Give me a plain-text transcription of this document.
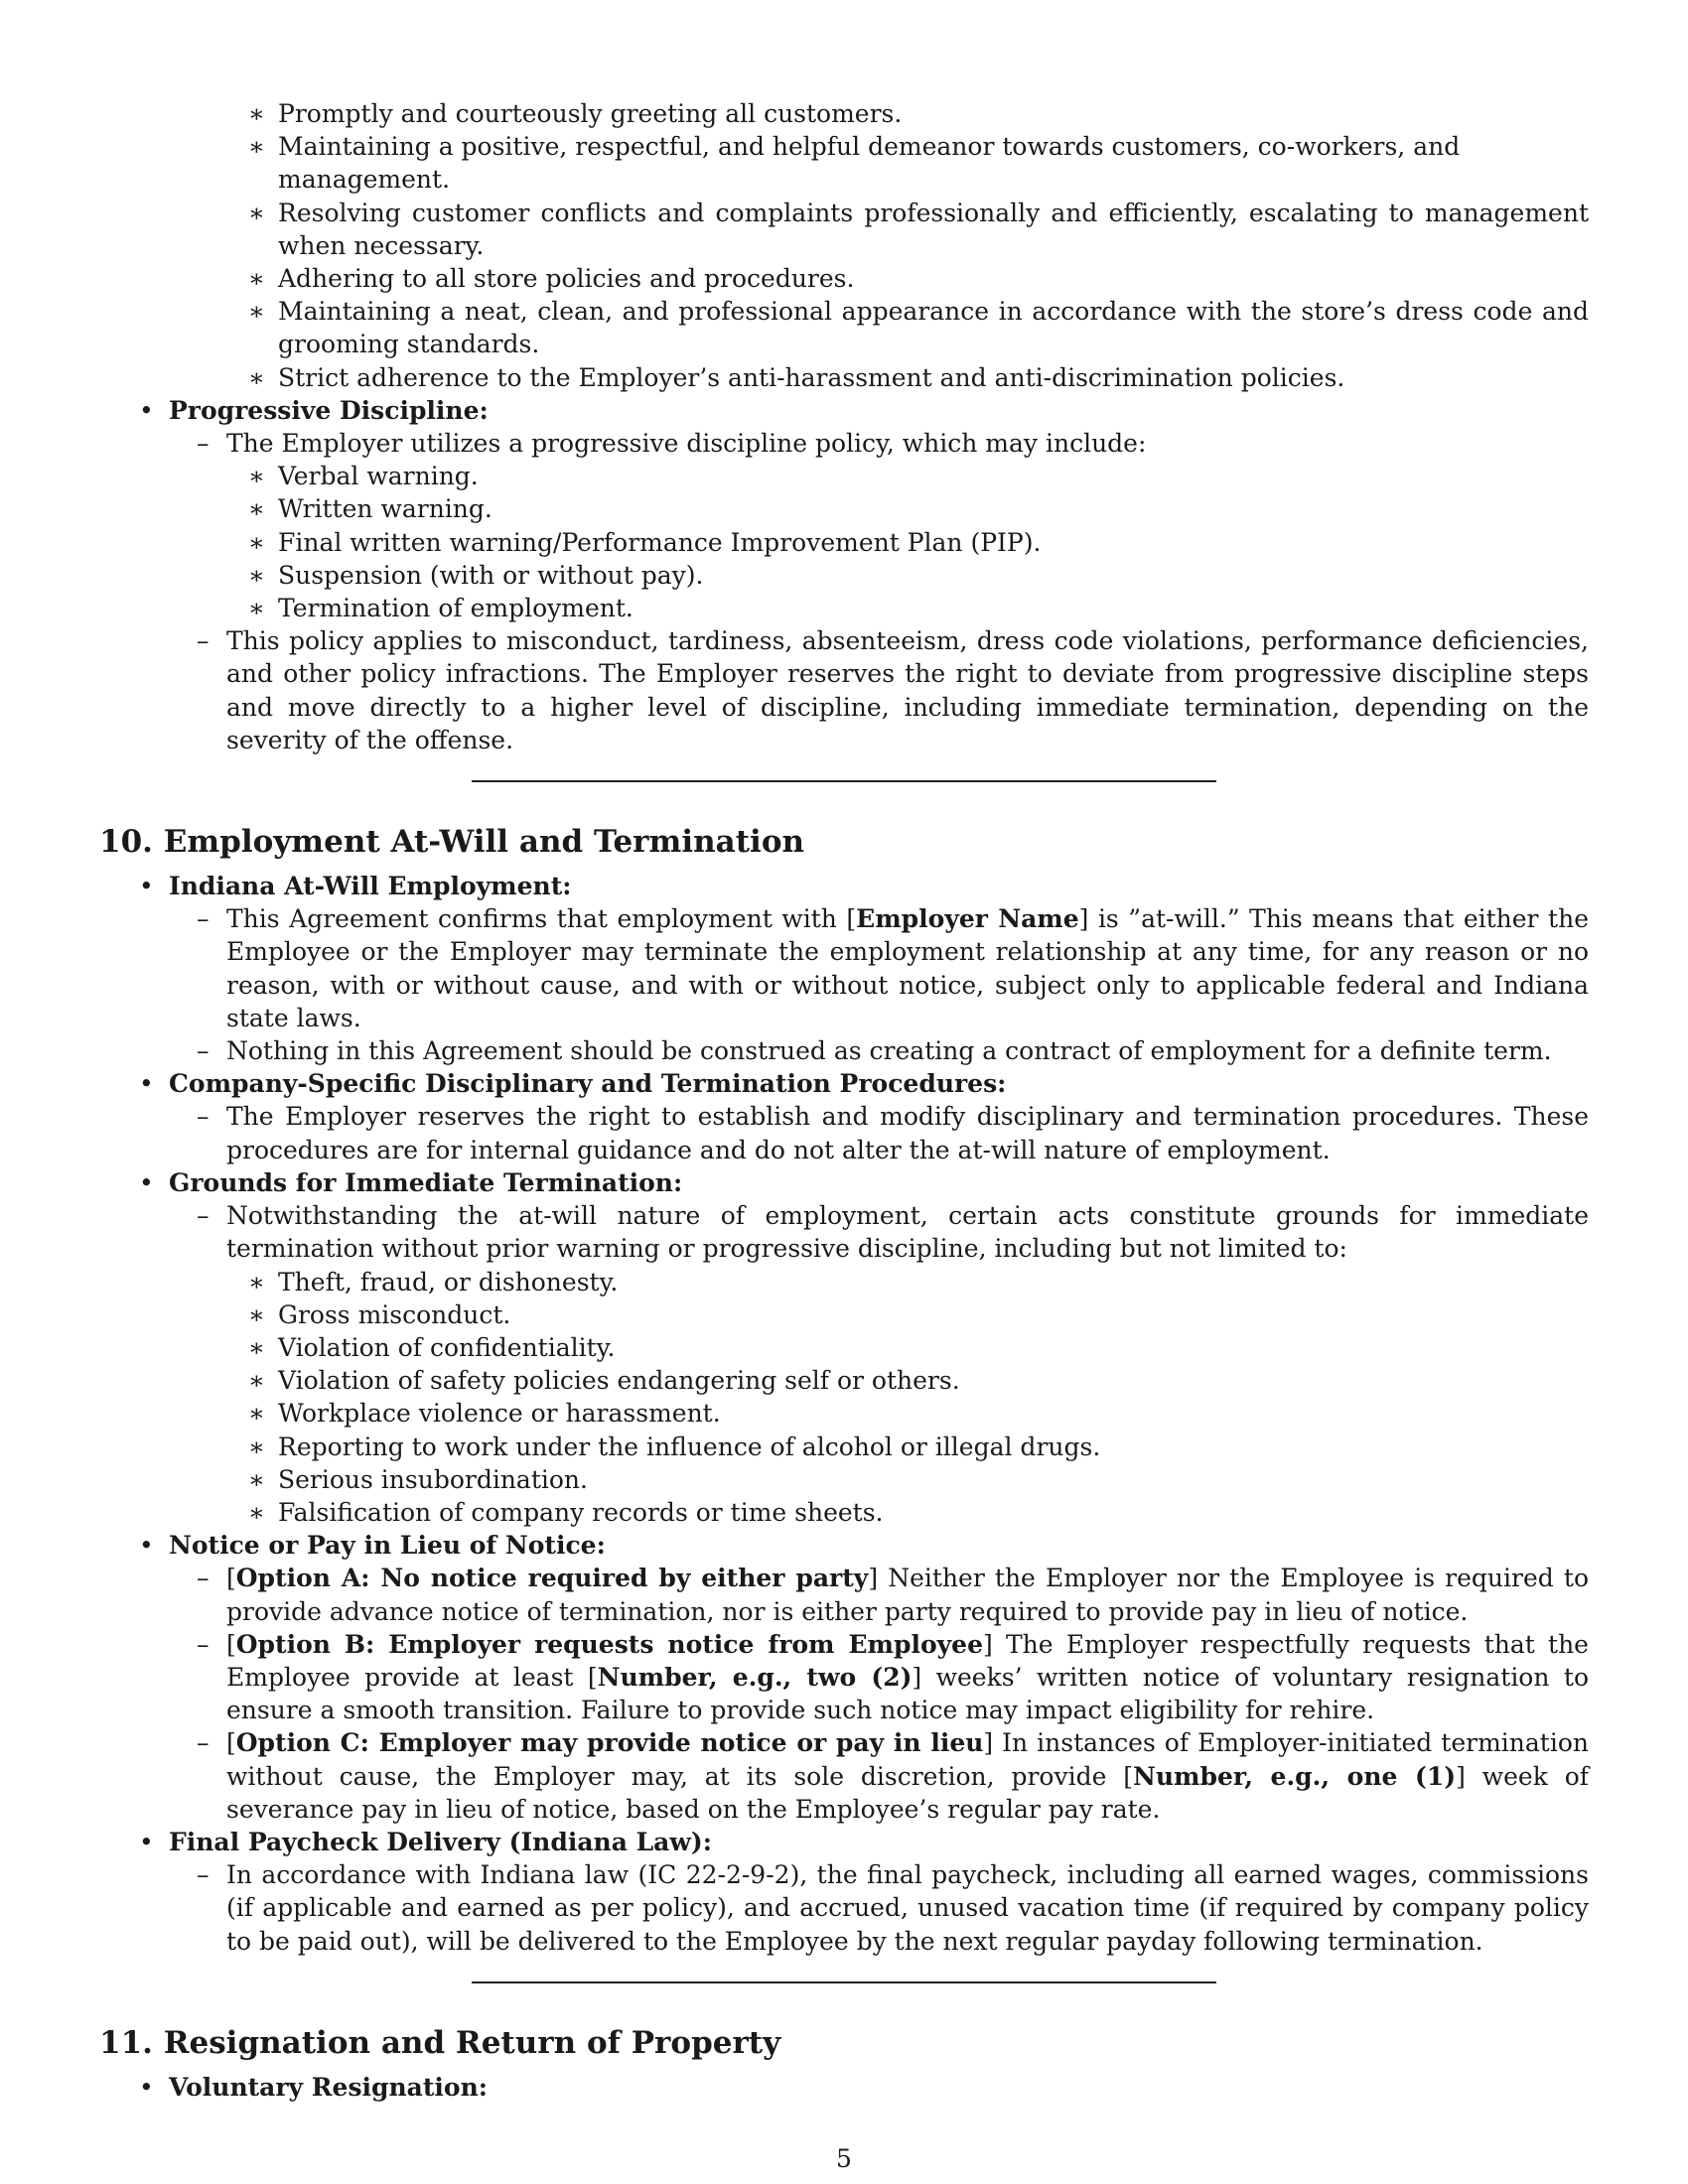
∗ Promptly and courteously greeting all customers.
∗ Maintaining a positive, respectful, and helpful demeanor towards customers, co-workers, and management.
∗ Resolving customer conflicts and complaints professionally and efficiently, escalating to management when necessary.
∗ Adhering to all store policies and procedures.
∗ Maintaining a neat, clean, and professional appearance in accordance with the store’s dress code and grooming standards.
∗ Strict adherence to the Employer’s anti-harassment and anti-discrimination policies.
• Progressive Discipline:
– The Employer utilizes a progressive discipline policy, which may include:
∗ Verbal warning.
∗ Written warning.
∗ Final written warning/Performance Improvement Plan (PIP).
∗ Suspension (with or without pay).
∗ Termination of employment.
– This policy applies to misconduct, tardiness, absenteeism, dress code violations, performance deficiencies, and other policy infractions. The Employer reserves the right to deviate from progressive discipline steps and move directly to a higher level of discipline, including immediate termination, depending on the severity of the offense.
10. Employment At-Will and Termination
• Indiana At-Will Employment:
– This Agreement confirms that employment with [Employer Name] is ”at-will.” This means that either the Employee or the Employer may terminate the employment relationship at any time, for any reason or no reason, with or without cause, and with or without notice, subject only to applicable federal and Indiana state laws.
– Nothing in this Agreement should be construed as creating a contract of employment for a definite term.
• Company-Specific Disciplinary and Termination Procedures:
– The Employer reserves the right to establish and modify disciplinary and termination procedures. These procedures are for internal guidance and do not alter the at-will nature of employment.
• Grounds for Immediate Termination:
– Notwithstanding the at-will nature of employment, certain acts constitute grounds for immediate termination without prior warning or progressive discipline, including but not limited to:
∗ Theft, fraud, or dishonesty.
∗ Gross misconduct.
∗ Violation of confidentiality.
∗ Violation of safety policies endangering self or others.
∗ Workplace violence or harassment.
∗ Reporting to work under the influence of alcohol or illegal drugs.
∗ Serious insubordination.
∗ Falsification of company records or time sheets.
• Notice or Pay in Lieu of Notice:
– [Option A: No notice required by either party] Neither the Employer nor the Employee is required to provide advance notice of termination, nor is either party required to provide pay in lieu of notice.
– [Option B: Employer requests notice from Employee] The Employer respectfully requests that the Employee provide at least [Number, e.g., two (2)] weeks’ written notice of voluntary resignation to ensure a smooth transition. Failure to provide such notice may impact eligibility for rehire.
– [Option C: Employer may provide notice or pay in lieu] In instances of Employer-initiated termination without cause, the Employer may, at its sole discretion, provide [Number, e.g., one (1)] week of severance pay in lieu of notice, based on the Employee’s regular pay rate.
• Final Paycheck Delivery (Indiana Law):
– In accordance with Indiana law (IC 22-2-9-2), the final paycheck, including all earned wages, commissions (if applicable and earned as per policy), and accrued, unused vacation time (if required by company policy to be paid out), will be delivered to the Employee by the next regular payday following termination.
11. Resignation and Return of Property
• Voluntary Resignation:
5
